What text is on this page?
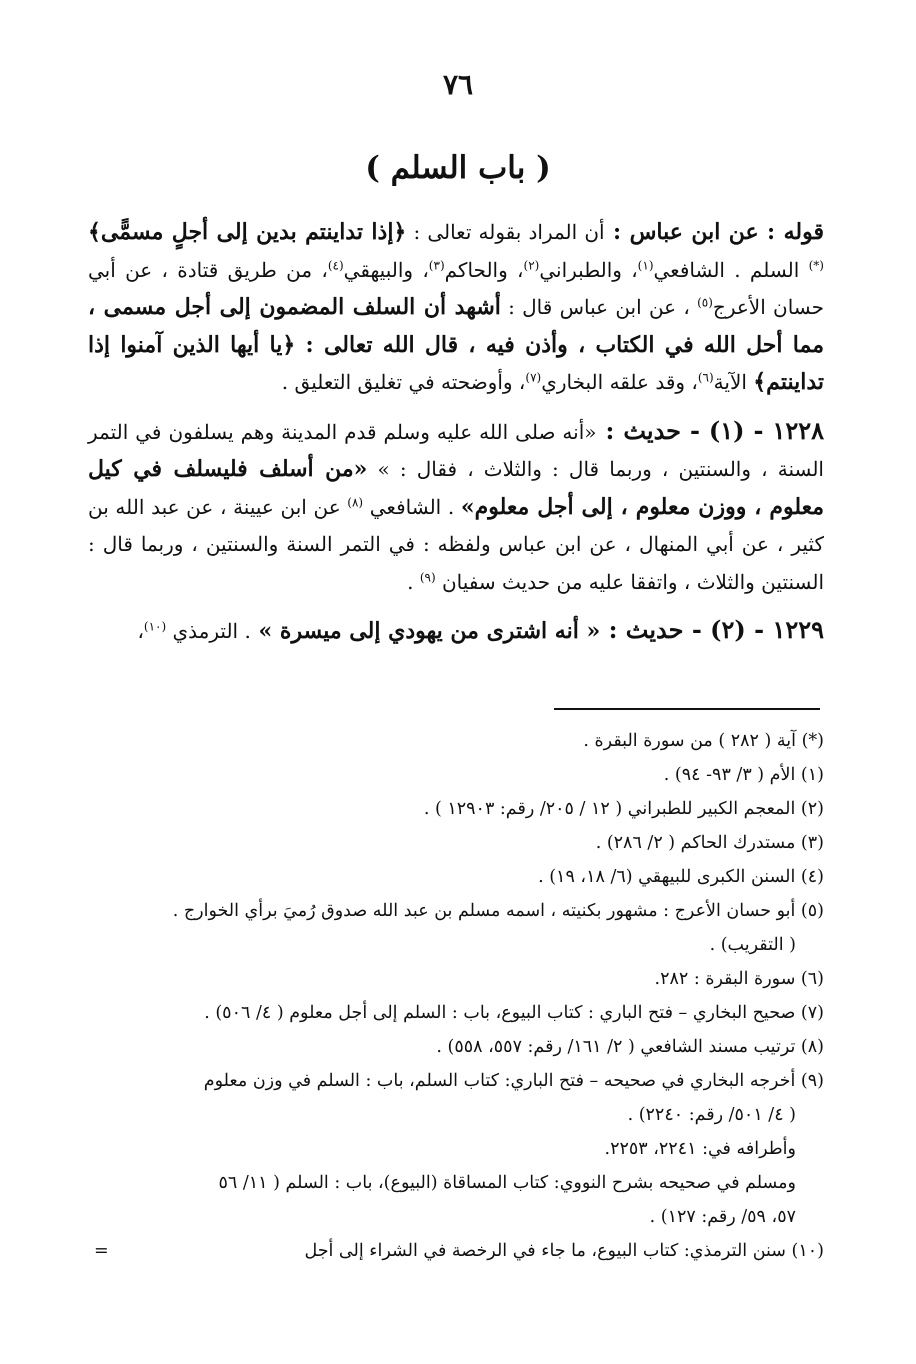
٧٦
( باب السلم )

قوله : عن ابن عباس : أن المراد بقوله تعالى : ﴿إذا تداينتم بدين إلى أجلٍ مسمًّى﴾(*) السلم . الشافعي$^{(١)}$، والطبراني$^{(٢)}$، والحاكم$^{(٣)}$، والبيهقي$^{(٤)}$، من طريق قتادة ، عن أبي حسان الأعرج$^{(٥)}$ ، عن ابن عباس قال : أشهد أن السلف المضمون إلى أجل مسمى ، مما أحل الله في الكتاب ، وأذن فيه ، قال الله تعالى : ﴿يا أيها الذين آمنوا إذا تداينتم﴾ الآية$^{(٦)}$، وقد علقه البخاري$^{(٧)}$، وأوضحته في تغليق التعليق .

١٢٢٨ - (١) - حديث : «أنه صلى الله عليه وسلم قدم المدينة وهم يسلفون في التمر السنة ، والسنتين ، وربما قال : والثلاث ، فقال : » «من أسلف فليسلف في كيل معلوم ، ووزن معلوم ، إلى أجل معلوم» . الشافعي $^{(٨)}$ عن ابن عيينة ، عن عبد الله بن كثير ، عن أبي المنهال ، عن ابن عباس ولفظه : في التمر السنة والسنتين ، وربما قال : السنتين والثلاث ، واتفقا عليه من حديث سفيان $^{(٩)}$ .

١٢٢٩ - (٢) - حديث : « أنه اشترى من يهودي إلى ميسرة » . الترمذي $^{(١٠)}$،

(*) آية ( ٢٨٢ ) من سورة البقرة .

(١) الأم ( ٣/ ٩٣- ٩٤) .

(٢) المعجم الكبير للطبراني ( ١٢ / ٢٠٥/ رقم: ١٢٩٠٣ ) .

(٣) مستدرك الحاكم ( ٢/ ٢٨٦) .

(٤) السنن الكبرى للبيهقي (٦/ ١٨، ١٩) .

(٥) أبو حسان الأعرج : مشهور بكنيته ، اسمه مسلم بن عبد الله صدوق رُميَ برأي الخوارج .

( التقريب) .

(٦) سورة البقرة : ٢٨٢.

(٧) صحيح البخاري – فتح الباري : كتاب البيوع، باب : السلم إلى أجل معلوم ( ٤/ ٥٠٦) .

(٨) ترتيب مسند الشافعي ( ٢/ ١٦١/ رقم: ٥٥٧، ٥٥٨) .

(٩) أخرجه البخاري في صحيحه – فتح الباري: كتاب السلم، باب : السلم في وزن معلوم

( ٤/ ٥٠١/ رقم: ٢٢٤٠) .

وأطرافه في: ٢٢٤١، ٢٢٥٣.

ومسلم في صحيحه بشرح النووي: كتاب المساقاة (البيوع)، باب : السلم ( ١١/ ٥٦

٥٧، ٥٩/ رقم: ١٢٧) .

(١٠) سنن الترمذي: كتاب البيوع، ما جاء في الرخصة في الشراء إلى أجل
=
